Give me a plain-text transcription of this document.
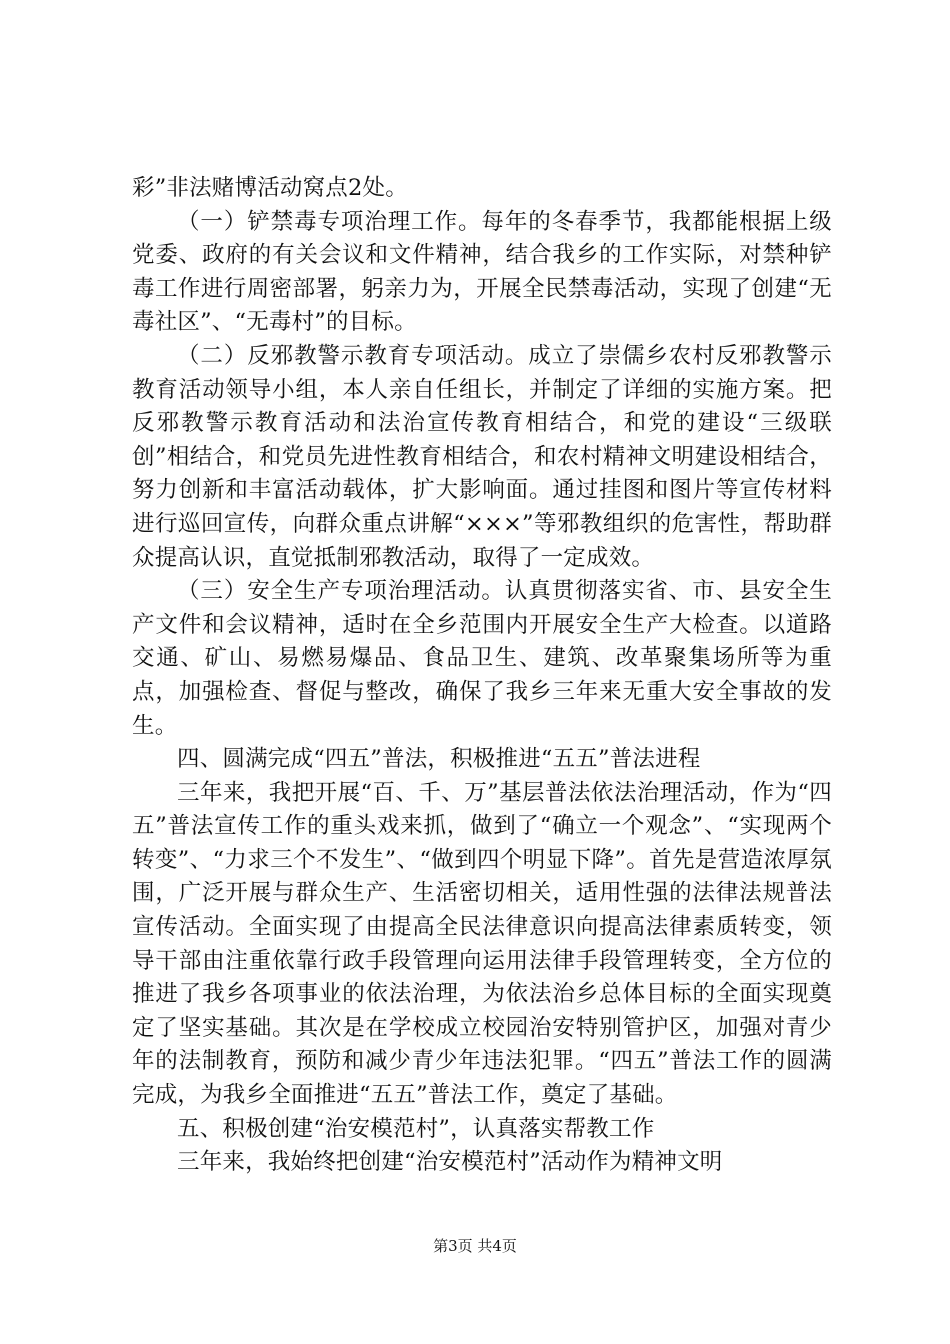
彩”非法赌博活动窝点2处。

（一）铲禁毒专项治理工作。每年的冬春季节，我都能根据上级党委、政府的有关会议和文件精神，结合我乡的工作实际，对禁种铲毒工作进行周密部署，躬亲力为，开展全民禁毒活动，实现了创建“无毒社区”、“无毒村”的目标。

（二）反邪教警示教育专项活动。成立了崇儒乡农村反邪教警示教育活动领导小组，本人亲自任组长，并制定了详细的实施方案。把反邪教警示教育活动和法治宣传教育相结合，和党的建设“三级联创”相结合，和党员先进性教育相结合，和农村精神文明建设相结合，努力创新和丰富活动载体，扩大影响面。通过挂图和图片等宣传材料进行巡回宣传，向群众重点讲解“×××”等邪教组织的危害性，帮助群众提高认识，直觉抵制邪教活动，取得了一定成效。

（三）安全生产专项治理活动。认真贯彻落实省、市、县安全生产文件和会议精神，适时在全乡范围内开展安全生产大检查。以道路交通、矿山、易燃易爆品、食品卫生、建筑、改革聚集场所等为重点，加强检查、督促与整改，确保了我乡三年来无重大安全事故的发生。

四、圆满完成“四五”普法，积极推进“五五”普法进程

三年来，我把开展“百、千、万”基层普法依法治理活动，作为“四五”普法宣传工作的重头戏来抓，做到了“确立一个观念”、“实现两个转变”、“力求三个不发生”、“做到四个明显下降”。首先是营造浓厚氛围，广泛开展与群众生产、生活密切相关，适用性强的法律法规普法宣传活动。全面实现了由提高全民法律意识向提高法律素质转变，领导干部由注重依靠行政手段管理向运用法律手段管理转变，全方位的推进了我乡各项事业的依法治理，为依法治乡总体目标的全面实现奠定了坚实基础。其次是在学校成立校园治安特别管护区，加强对青少年的法制教育，预防和减少青少年违法犯罪。“四五”普法工作的圆满完成，为我乡全面推进“五五”普法工作，奠定了基础。

五、积极创建“治安模范村”，认真落实帮教工作

三年来，我始终把创建“治安模范村”活动作为精神文明

第3页 共4页
